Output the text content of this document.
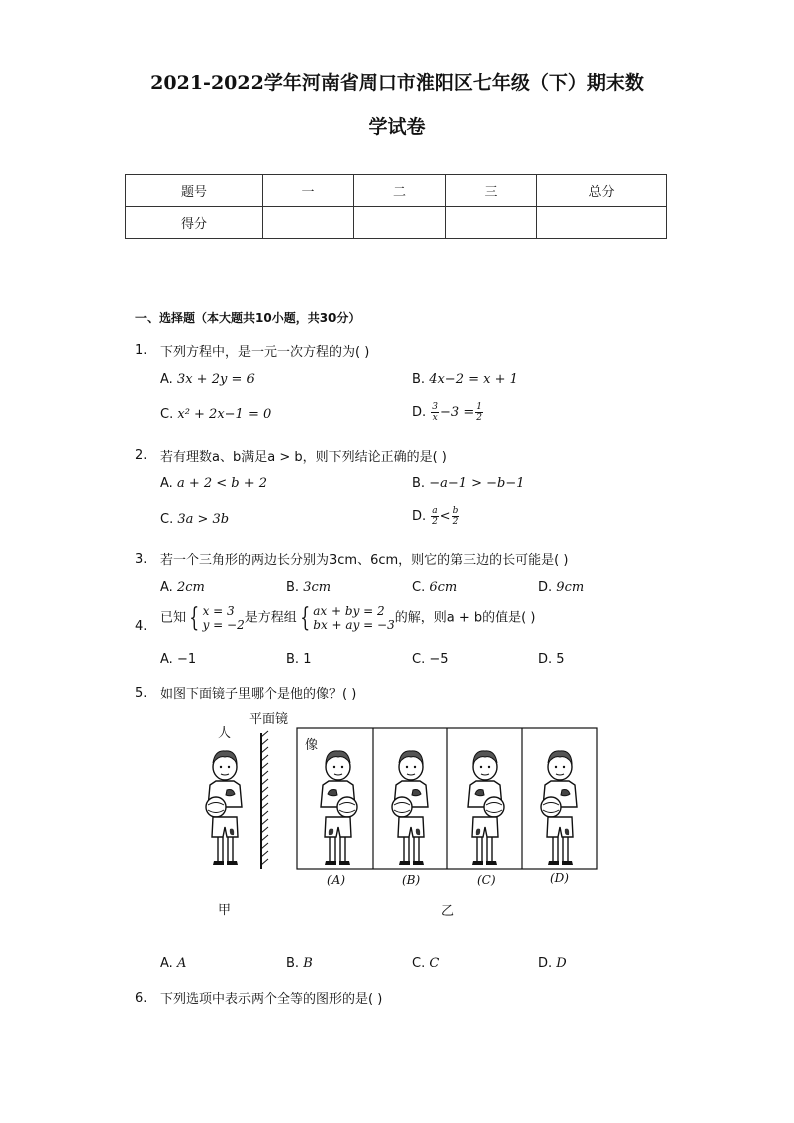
2021-2022学年河南省周口市淮阳区七年级（下）期末数
学试卷
题号	一	二	三	总分
得分				
一、选择题（本大题共10小题，共30分）
1. 下列方程中，是一元一次方程的为( )
A. 3x + 2y = 6	B. 4x−2 = x + 1
C. x² + 2x−1 = 0	D. $\frac{3}{x} -3 = \frac{1}{2}$
2. 若有理数a、b满足a > b，则下列结论正确的是( )
A. a + 2 < b + 2	B. −a−1 > −b−1
C. 3a > 3b	D. $\frac{a}{2} < \frac{b}{2}$
3. 若一个三角形的两边长分别为3cm、6cm，则它的第三边的长可能是( )
A. 2cm	B. 3cm	C. 6cm	D. 9cm
4.
已知 { x = 3
y = −2 是方程组 { ax + by = 2
bx + ay = −3 的解，则a + b的值是( )
A. −1	B. 1	C. −5	D. 5
5. 如图下面镜子里哪个是他的像？( )
人
平面镜
像
(A)	(B)	(C)	(D)
甲	乙
A. A	B. B	C. C	D. D
6. 下列选项中表示两个全等的图形的是( )
